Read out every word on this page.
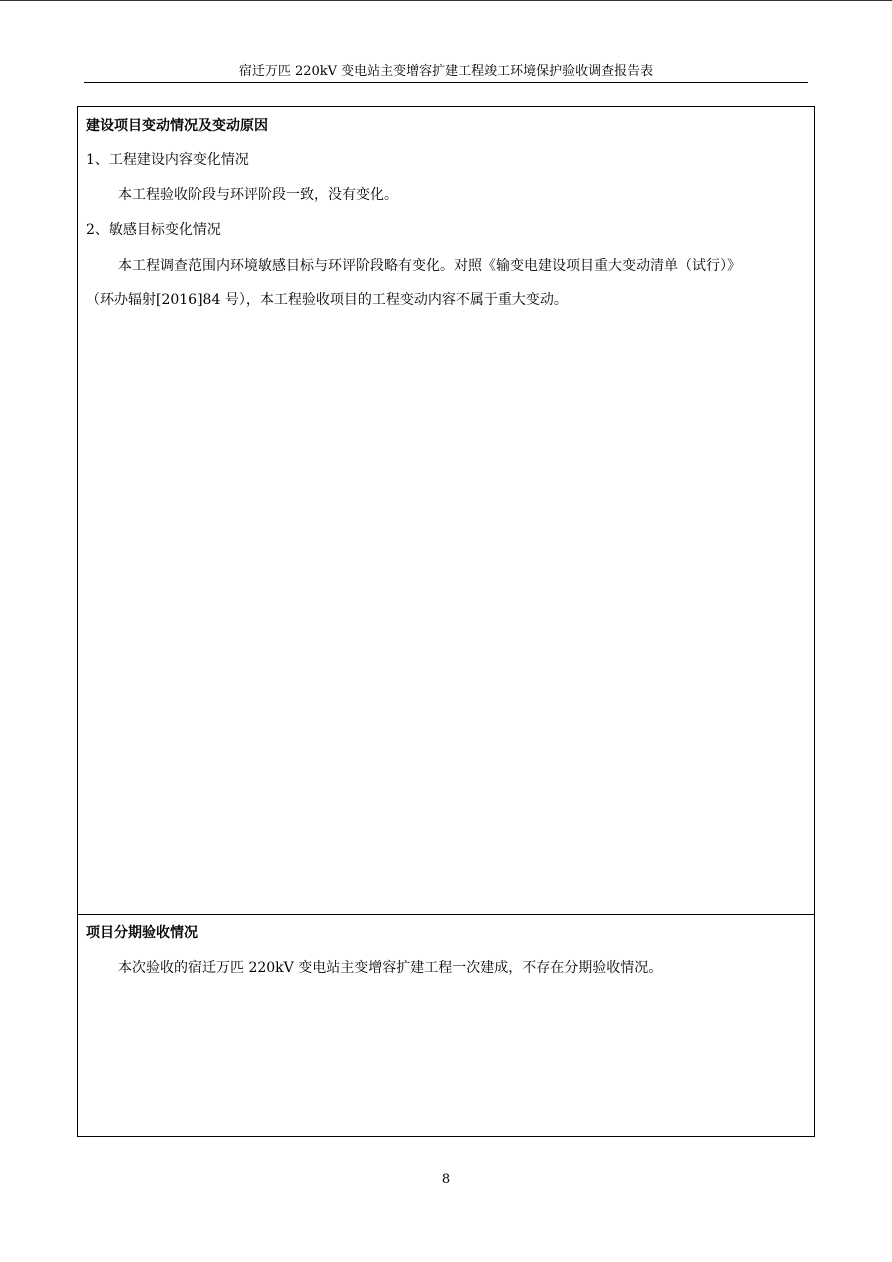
宿迁万匹 220kV 变电站主变增容扩建工程竣工环境保护验收调查报告表
建设项目变动情况及变动原因
1、工程建设内容变化情况
本工程验收阶段与环评阶段一致，没有变化。
2、敏感目标变化情况
本工程调查范围内环境敏感目标与环评阶段略有变化。对照《输变电建设项目重大变动清单（试行）》
（环办辐射[2016]84 号），本工程验收项目的工程变动内容不属于重大变动。
项目分期验收情况
本次验收的宿迁万匹 220kV 变电站主变增容扩建工程一次建成，不存在分期验收情况。
8
